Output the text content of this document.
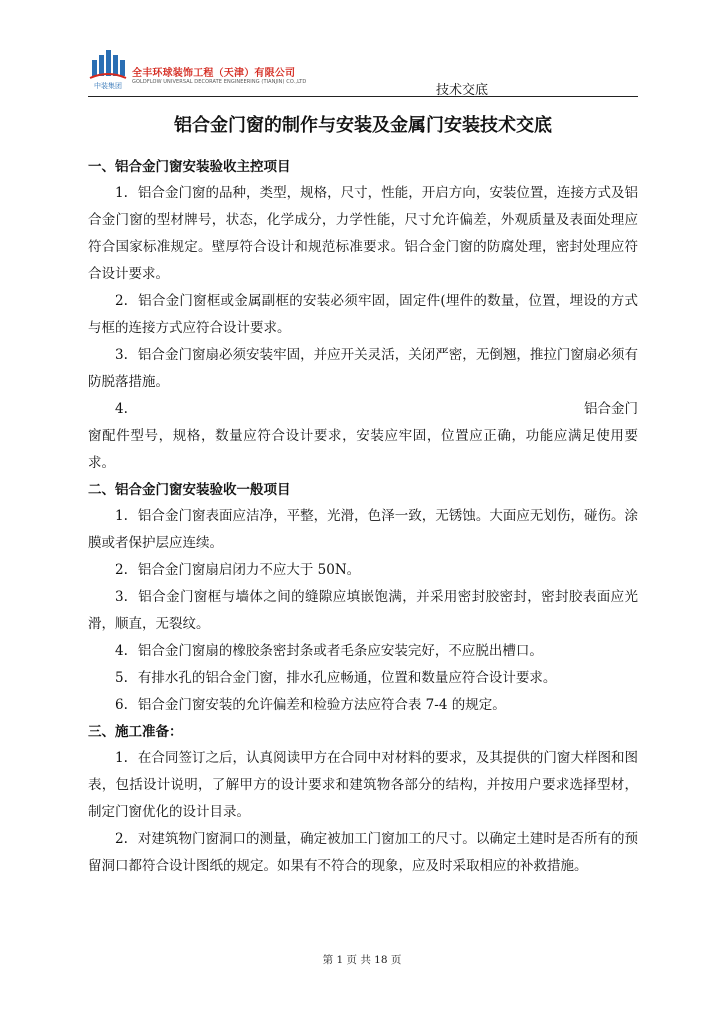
中装集团
全丰环球装饰工程（天津）有限公司
GOLDFLOW UNIVERSAL DECORATE ENGINEERING (TIANJIN) CO.,LTD
技术交底
铝合金门窗的制作与安装及金属门安装技术交底
一、铝合金门窗安装验收主控项目

1. 铝合金门窗的品种，类型，规格，尺寸，性能，开启方向，安装位置，连接方式及铝合金门窗的型材牌号，状态，化学成分，力学性能，尺寸允许偏差，外观质量及表面处理应符合国家标准规定。壁厚符合设计和规范标准要求。铝合金门窗的防腐处理，密封处理应符合设计要求。

2. 铝合金门窗框或金属副框的安装必须牢固，固定件(埋件的数量，位置，埋设的方式与框的连接方式应符合设计要求。

3. 铝合金门窗扇必须安装牢固，并应开关灵活，关闭严密，无倒翘，推拉门窗扇必须有防脱落措施。

4.	铝合金门
窗配件型号，规格，数量应符合设计要求，安装应牢固，位置应正确，功能应满足使用要求。
二、铝合金门窗安装验收一般项目

1. 铝合金门窗表面应洁净，平整，光滑，色泽一致，无锈蚀。大面应无划伤，碰伤。涂膜或者保护层应连续。

2. 铝合金门窗扇启闭力不应大于 50N。

3. 铝合金门窗框与墙体之间的缝隙应填嵌饱满，并采用密封胶密封，密封胶表面应光滑，顺直，无裂纹。

4. 铝合金门窗扇的橡胶条密封条或者毛条应安装完好，不应脱出槽口。

5. 有排水孔的铝合金门窗，排水孔应畅通，位置和数量应符合设计要求。

6. 铝合金门窗安装的允许偏差和检验方法应符合表 7-4 的规定。

三、施工准备：

1. 在合同签订之后，认真阅读甲方在合同中对材料的要求，及其提供的门窗大样图和图表，包括设计说明，了解甲方的设计要求和建筑物各部分的结构，并按用户要求选择型材，制定门窗优化的设计目录。

2. 对建筑物门窗洞口的测量，确定被加工门窗加工的尺寸。以确定土建时是否所有的预留洞口都符合设计图纸的规定。如果有不符合的现象，应及时采取相应的补救措施。

第 1 页 共 18 页
